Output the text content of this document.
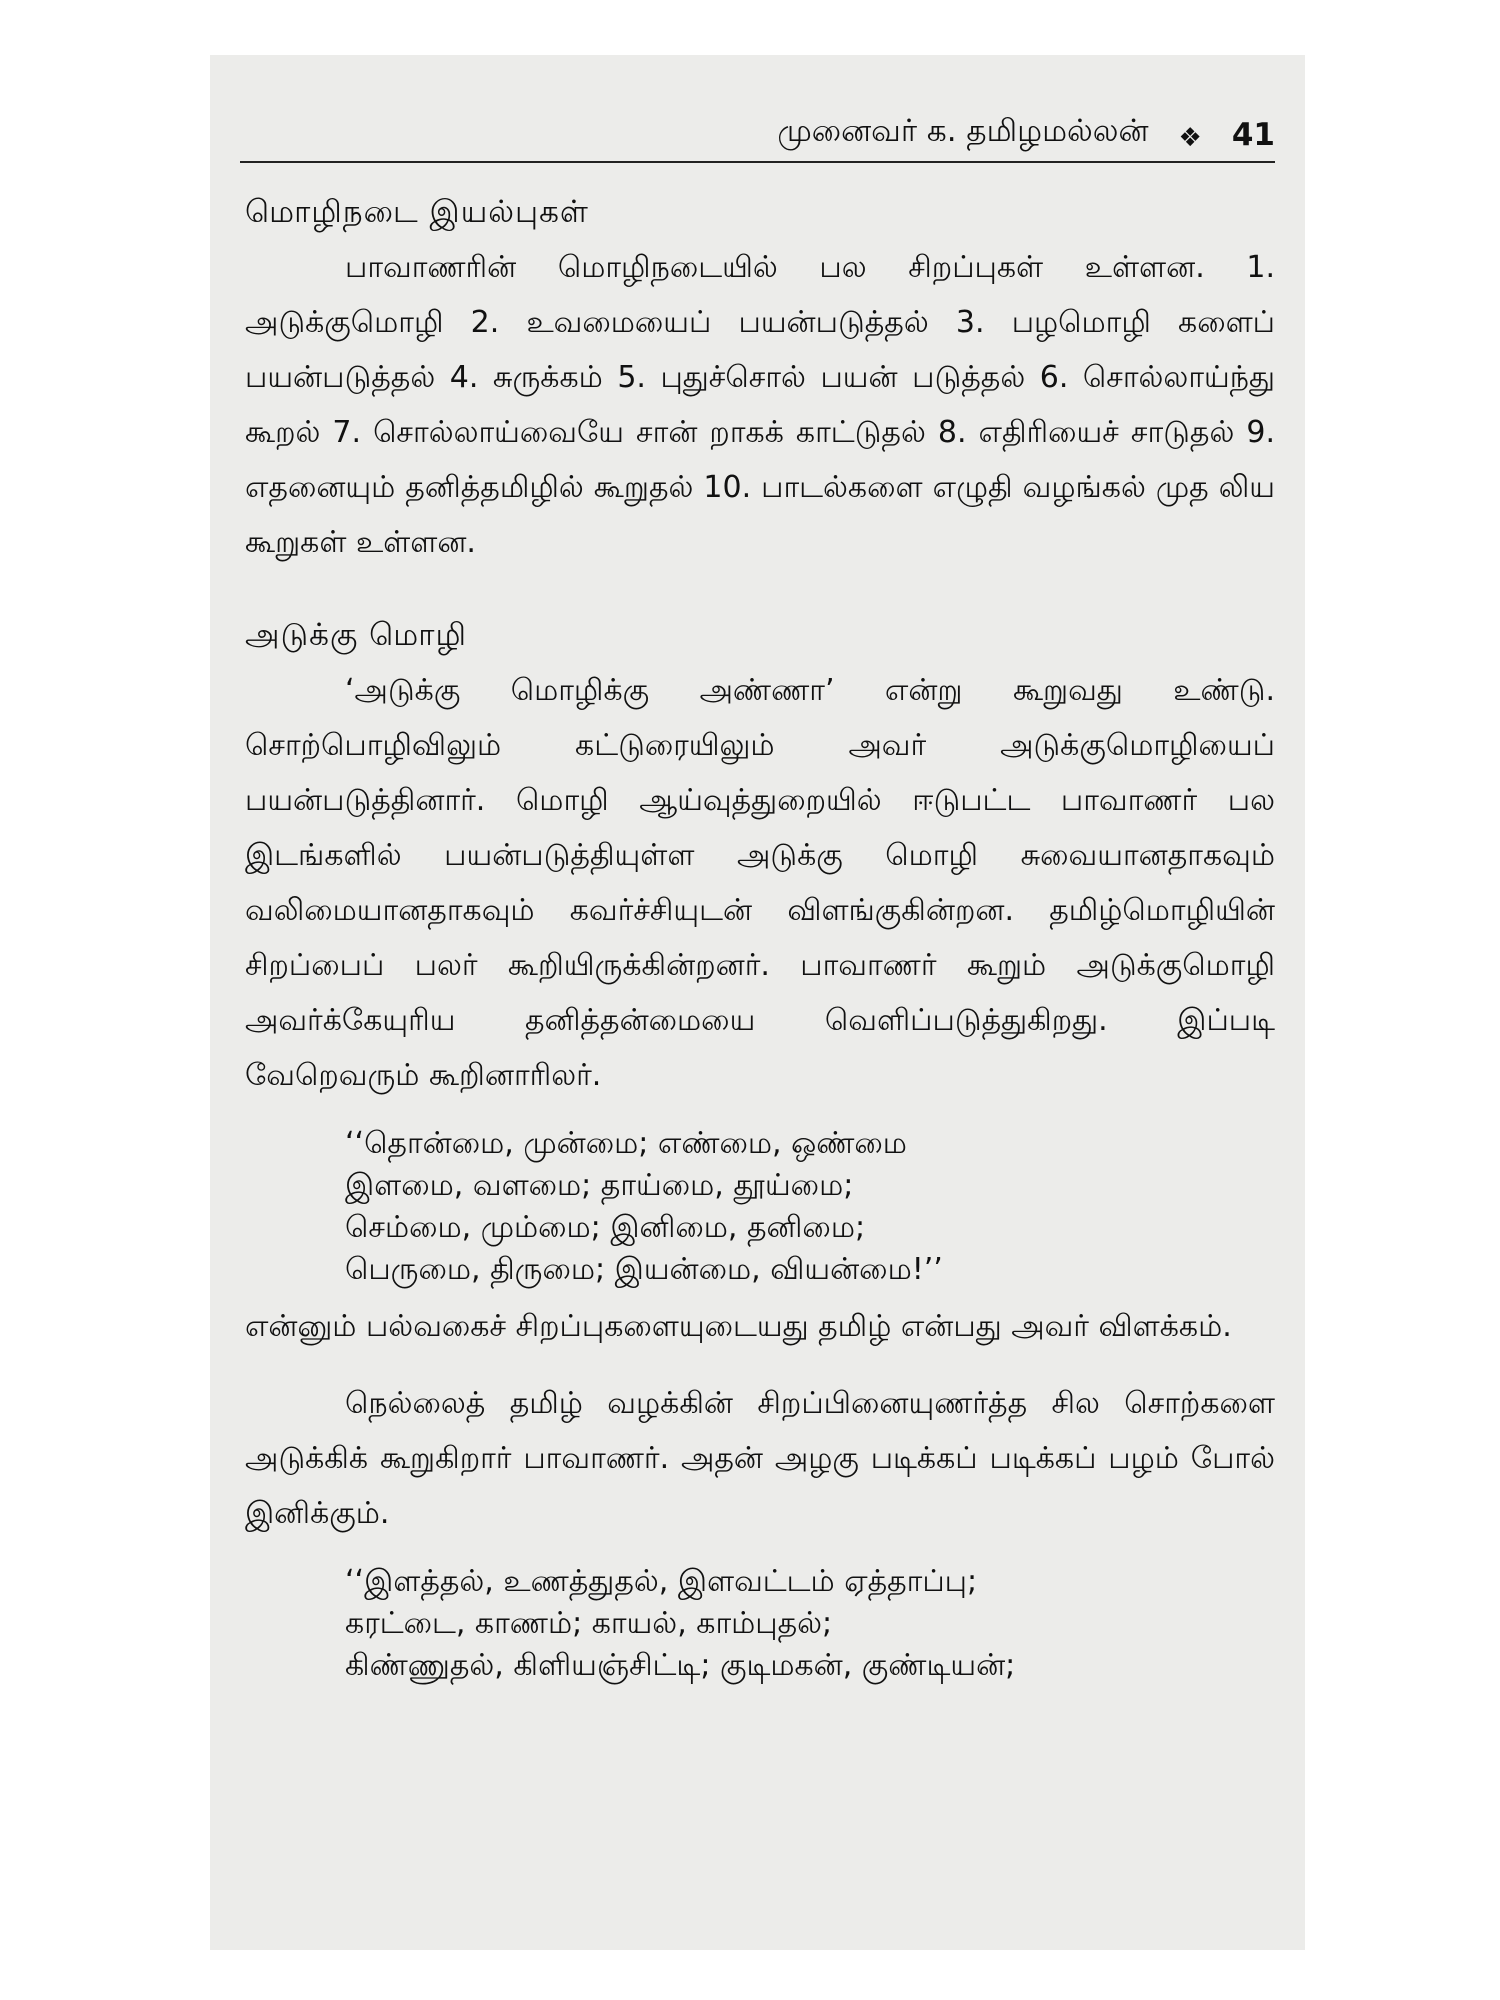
முனைவர் க. தமிழமல்லன் ❖ 41
மொழிநடை இயல்புகள்

பாவாணரின் மொழிநடையில் பல சிறப்புகள் உள்ளன. 1. அடுக்குமொழி 2. உவமையைப் பயன்படுத்தல் 3. பழமொழி களைப் பயன்படுத்தல் 4. சுருக்கம் 5. புதுச்சொல் பயன் படுத்தல் 6. சொல்லாய்ந்து கூறல் 7. சொல்லாய்வையே சான் றாகக் காட்டுதல் 8. எதிரியைச் சாடுதல் 9. எதனையும் தனித்தமிழில் கூறுதல் 10. பாடல்களை எழுதி வழங்கல் முத லிய கூறுகள் உள்ளன.

அடுக்கு மொழி

‘அடுக்கு மொழிக்கு அண்ணா’ என்று கூறுவது உண்டு. சொற்பொழிவிலும் கட்டுரையிலும் அவர் அடுக்குமொழியைப் பயன்படுத்தினார். மொழி ஆய்வுத்துறையில் ஈடுபட்ட பாவாணர் பல இடங்களில் பயன்படுத்தியுள்ள அடுக்கு மொழி சுவையானதாகவும் வலிமையானதாகவும் கவர்ச்சியுடன் விளங்குகின்றன. தமிழ்மொழியின் சிறப்பைப் பலர் கூறியிருக்கின்றனர். பாவாணர் கூறும் அடுக்குமொழி அவர்க்கேயுரிய தனித்தன்மையை வெளிப்படுத்துகிறது. இப்படி வேறெவரும் கூறினாரிலர்.

‘‘தொன்மை, முன்மை; எண்மை, ஒண்மை
இளமை, வளமை; தாய்மை, தூய்மை;
செம்மை, மும்மை; இனிமை, தனிமை;
பெருமை, திருமை; இயன்மை, வியன்மை!’’

என்னும் பல்வகைச் சிறப்புகளையுடையது தமிழ் என்பது அவர் விளக்கம்.

நெல்லைத் தமிழ் வழக்கின் சிறப்பினையுணர்த்த சில சொற்களை அடுக்கிக் கூறுகிறார் பாவாணர். அதன் அழகு படிக்கப் படிக்கப் பழம் போல் இனிக்கும்.

‘‘இளத்தல், உணத்துதல், இளவட்டம் ஏத்தாப்பு;
கரட்டை, காணம்; காயல், காம்புதல்;
கிண்ணுதல், கிளியஞ்சிட்டி; குடிமகன், குண்டியன்;
